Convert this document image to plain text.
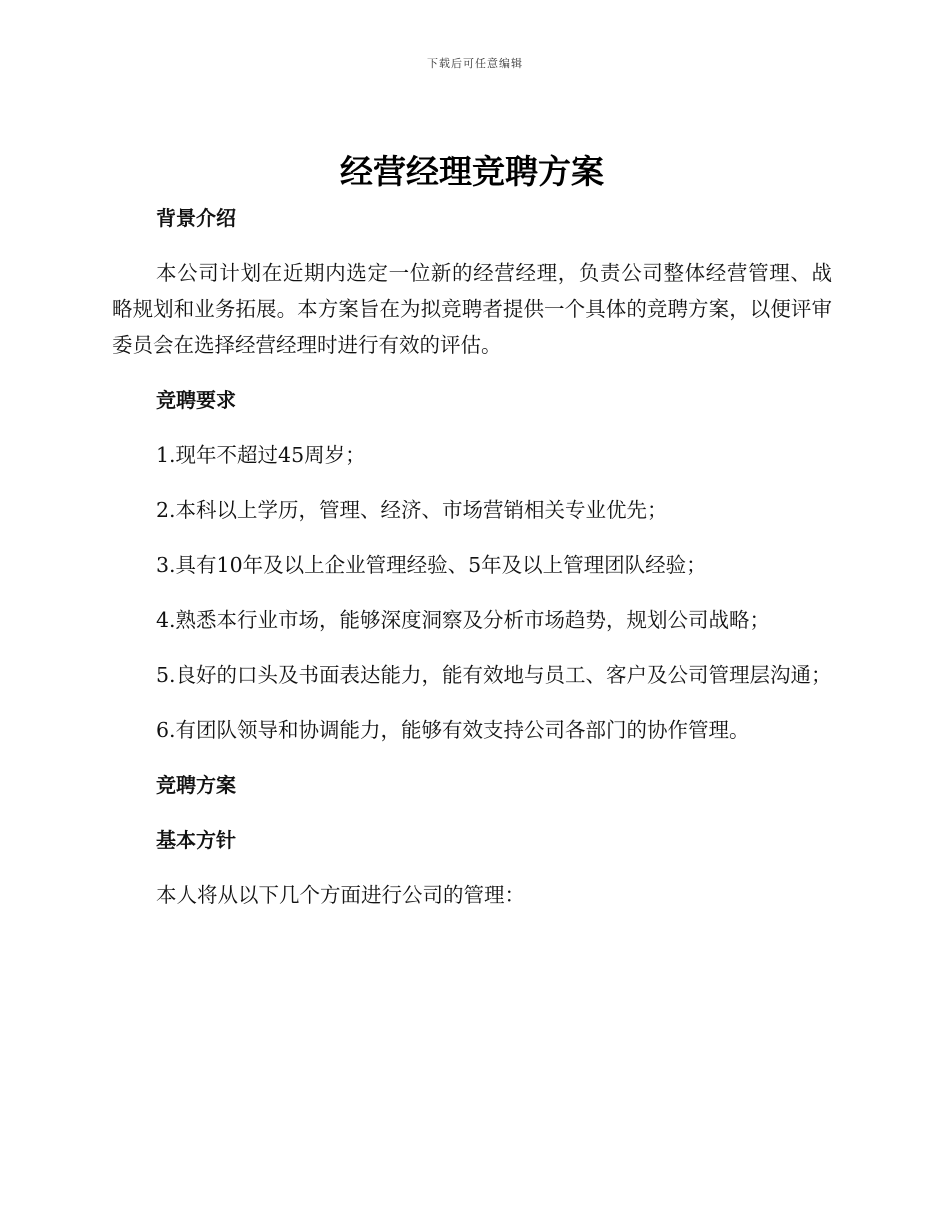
下载后可任意编辑
经营经理竞聘方案
背景介绍

本公司计划在近期内选定一位新的经营经理，负责公司整体经营管理、战略规划和业务拓展。本方案旨在为拟竞聘者提供一个具体的竞聘方案，以便评审委员会在选择经营经理时进行有效的评估。

竞聘要求

1.现年不超过45周岁；

2.本科以上学历，管理、经济、市场营销相关专业优先；

3.具有10年及以上企业管理经验、5年及以上管理团队经验；

4.熟悉本行业市场，能够深度洞察及分析市场趋势，规划公司战略；

5.良好的口头及书面表达能力，能有效地与员工、客户及公司管理层沟通；

6.有团队领导和协调能力，能够有效支持公司各部门的协作管理。

竞聘方案
基本方针

本人将从以下几个方面进行公司的管理：
